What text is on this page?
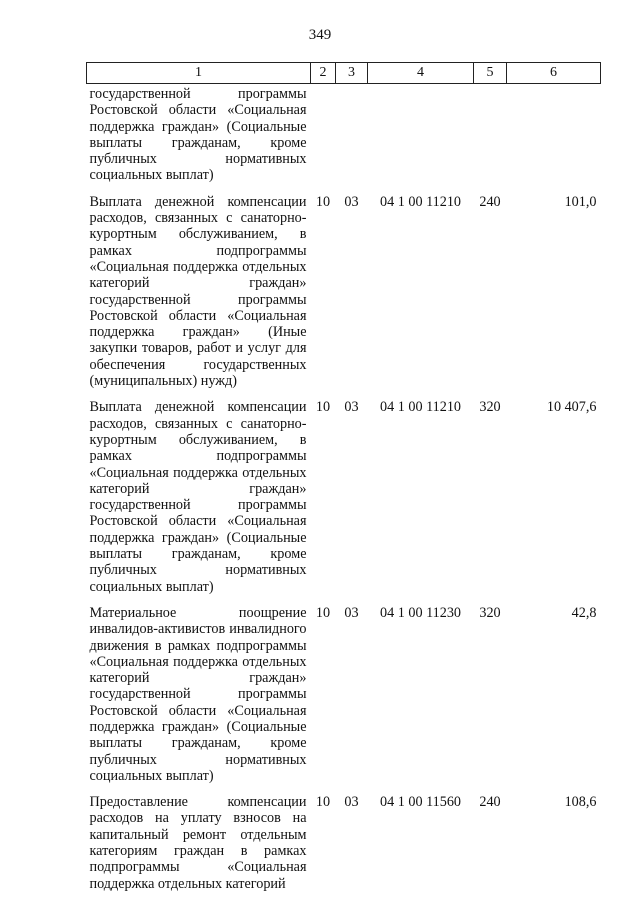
349
1	2	3	4	5	6
государственной программы Ростовской области «Социальная поддержка граждан» (Социальные выплаты гражданам, кроме публичных нормативных социальных выплат)					
Выплата денежной компенсации расходов, связанных с санаторно-курортным обслуживанием, в рамках подпрограммы «Социальная поддержка отдельных категорий граждан» государственной программы Ростовской области «Социальная поддержка граждан» (Иные закупки товаров, работ и услуг для обеспечения государственных (муниципальных) нужд)	10	03	04 1 00 11210	240	101,0
Выплата денежной компенсации расходов, связанных с санаторно-курортным обслуживанием, в рамках подпрограммы «Социальная поддержка отдельных категорий граждан» государственной программы Ростовской области «Социальная поддержка граждан» (Социальные выплаты гражданам, кроме публичных нормативных социальных выплат)	10	03	04 1 00 11210	320	10 407,6
Материальное поощрение инвалидов-активистов инвалидного движения в рамках подпрограммы «Социальная поддержка отдельных категорий граждан» государственной программы Ростовской области «Социальная поддержка граждан» (Социальные выплаты гражданам, кроме публичных нормативных социальных выплат)	10	03	04 1 00 11230	320	42,8
Предоставление компенсации расходов на уплату взносов на капитальный ремонт отдельным категориям граждан в рамках подпрограммы «Социальная поддержка отдельных категорий	10	03	04 1 00 11560	240	108,6
